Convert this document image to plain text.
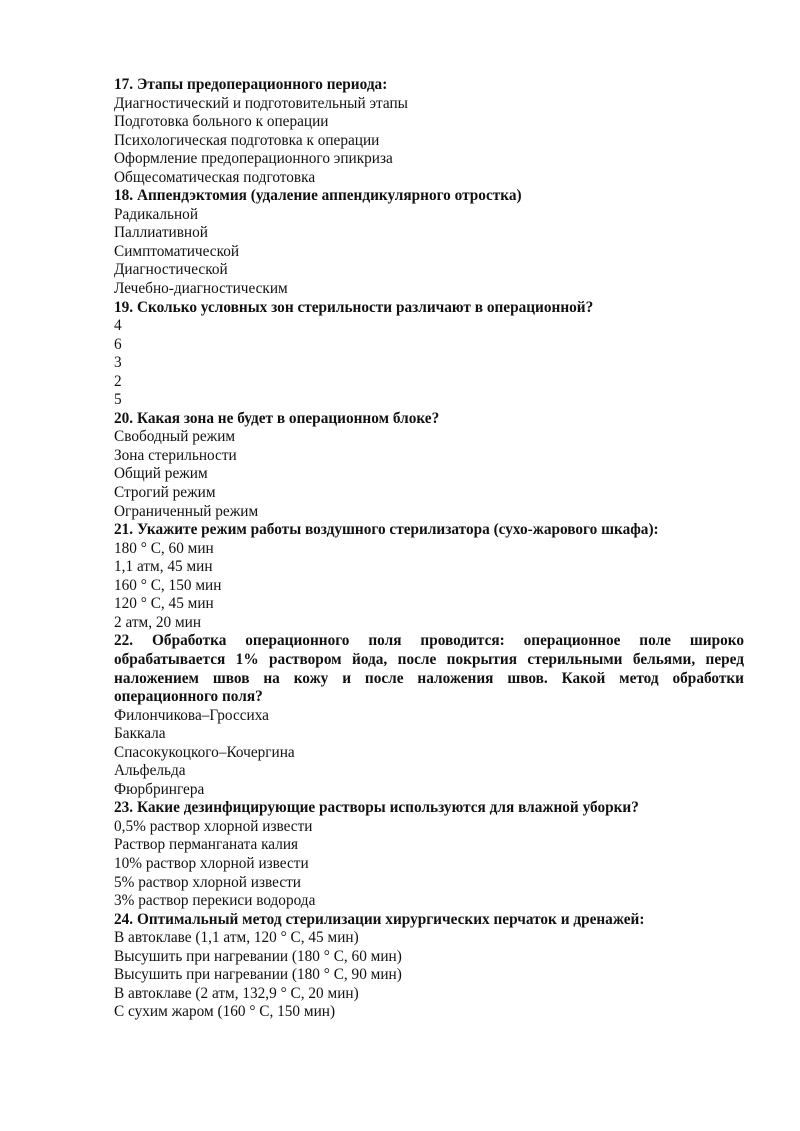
17. Этапы предоперационного периода:
Диагностический и подготовительный этапы
Подготовка больного к операции
Психологическая подготовка к операции
Оформление предоперационного эпикриза
Общесоматическая подготовка
18. Аппендэктомия (удаление аппендикулярного отростка)
Радикальной
Паллиативной
Симптоматической
Диагностической
Лечебно-диагностическим
19. Сколько условных зон стерильности различают в операционной?
4
6
3
2
5
20. Какая зона не будет в операционном блоке?
Свободный режим
Зона стерильности
Общий режим
Строгий режим
Ограниченный режим
21. Укажите режим работы воздушного стерилизатора (сухо-жарового шкафа):
180 ° С, 60 мин
1,1 атм, 45 мин
160 ° С, 150 мин
120 ° С, 45 мин
2 атм, 20 мин
22. Обработка операционного поля проводится: операционное поле широко обрабатывается 1% раствором йода, после покрытия стерильными бельями, перед наложением швов на кожу и после наложения швов. Какой метод обработки операционного поля?
Филончикова–Гроссиха
Баккала
Спасокукоцкого–Кочергина
Альфельда
Фюрбрингера
23. Какие дезинфицирующие растворы используются для влажной уборки?
0,5% раствор хлорной извести
Раствор перманганата калия
10% раствор хлорной извести
5% раствор хлорной извести
3% раствор перекиси водорода
24. Оптимальный метод стерилизации хирургических перчаток и дренажей:
В автоклаве (1,1 атм, 120 ° С, 45 мин)
Высушить при нагревании (180 ° С, 60 мин)
Высушить при нагревании (180 ° С, 90 мин)
В автоклаве (2 атм, 132,9 ° С, 20 мин)
С сухим жаром (160 ° С, 150 мин)
